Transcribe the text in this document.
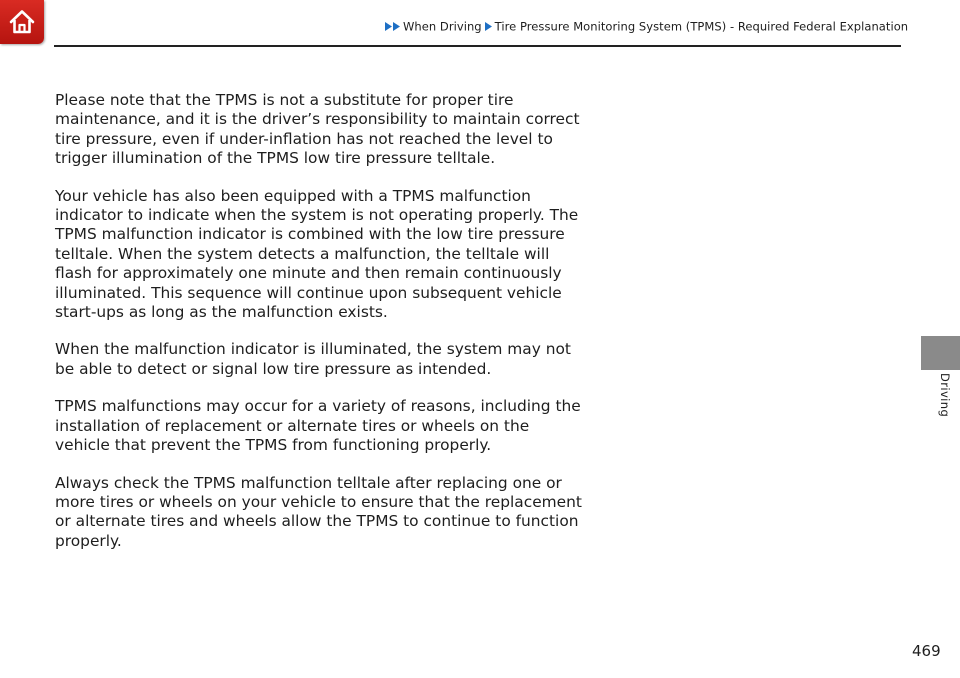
When Driving Tire Pressure Monitoring System (TPMS) - Required Federal Explanation

Please note that the TPMS is not a substitute for proper tire maintenance, and it is the driver’s responsibility to maintain correct tire pressure, even if under-inflation has not reached the level to trigger illumination of the TPMS low tire pressure telltale.

Your vehicle has also been equipped with a TPMS malfunction indicator to indicate when the system is not operating properly. The TPMS malfunction indicator is combined with the low tire pressure telltale. When the system detects a malfunction, the telltale will flash for approximately one minute and then remain continuously illuminated. This sequence will continue upon subsequent vehicle start-ups as long as the malfunction exists.

When the malfunction indicator is illuminated, the system may not be able to detect or signal low tire pressure as intended.

TPMS malfunctions may occur for a variety of reasons, including the installation of replacement or alternate tires or wheels on the vehicle that prevent the TPMS from functioning properly.

Always check the TPMS malfunction telltale after replacing one or more tires or wheels on your vehicle to ensure that the replacement or alternate tires and wheels allow the TPMS to continue to function properly.

Driving
469
